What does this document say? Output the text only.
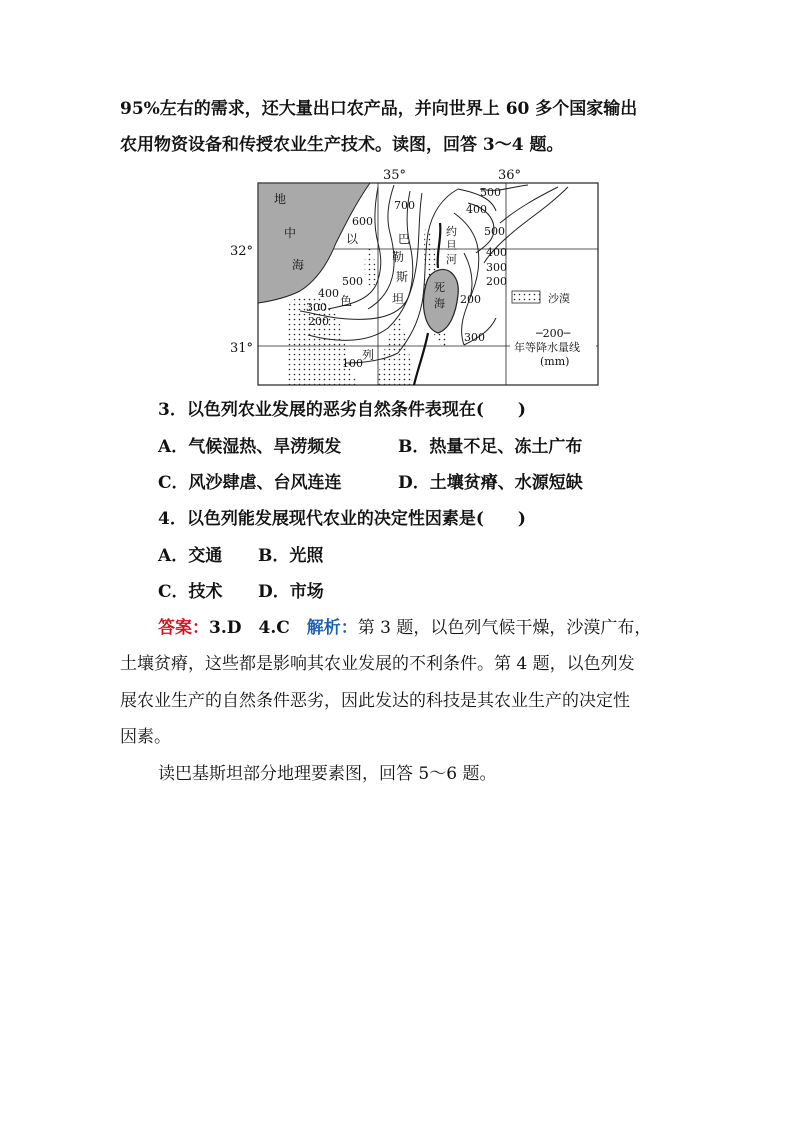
95%左右的需求，还大量出口农产品，并向世界上 60 多个国家输出
农用物资设备和传授农业生产技术。读图，回答 3～4 题。
35°	36°
32°
31°
地
中
海
以
色
列
巴
勒
斯
坦
约
旦
河
死
海
700
600
500
400
300
200
100
500
400
500
400
300
200
200
300
沙漠
─200─
年等降水量线
(mm)
3．以色列农业发展的恶劣自然条件表现在(　　)
A．气候湿热、旱涝频发	B．热量不足、冻土广布
C．风沙肆虐、台风连连	D．土壤贫瘠、水源短缺
4．以色列能发展现代农业的决定性因素是(　　)
A．交通 B．光照
C．技术 D．市场
答案：3.D　4.C　解析：第 3 题，以色列气候干燥，沙漠广布，
土壤贫瘠，这些都是影响其农业发展的不利条件。第 4 题，以色列发
展农业生产的自然条件恶劣，因此发达的科技是其农业生产的决定性
因素。
读巴基斯坦部分地理要素图，回答 5～6 题。
